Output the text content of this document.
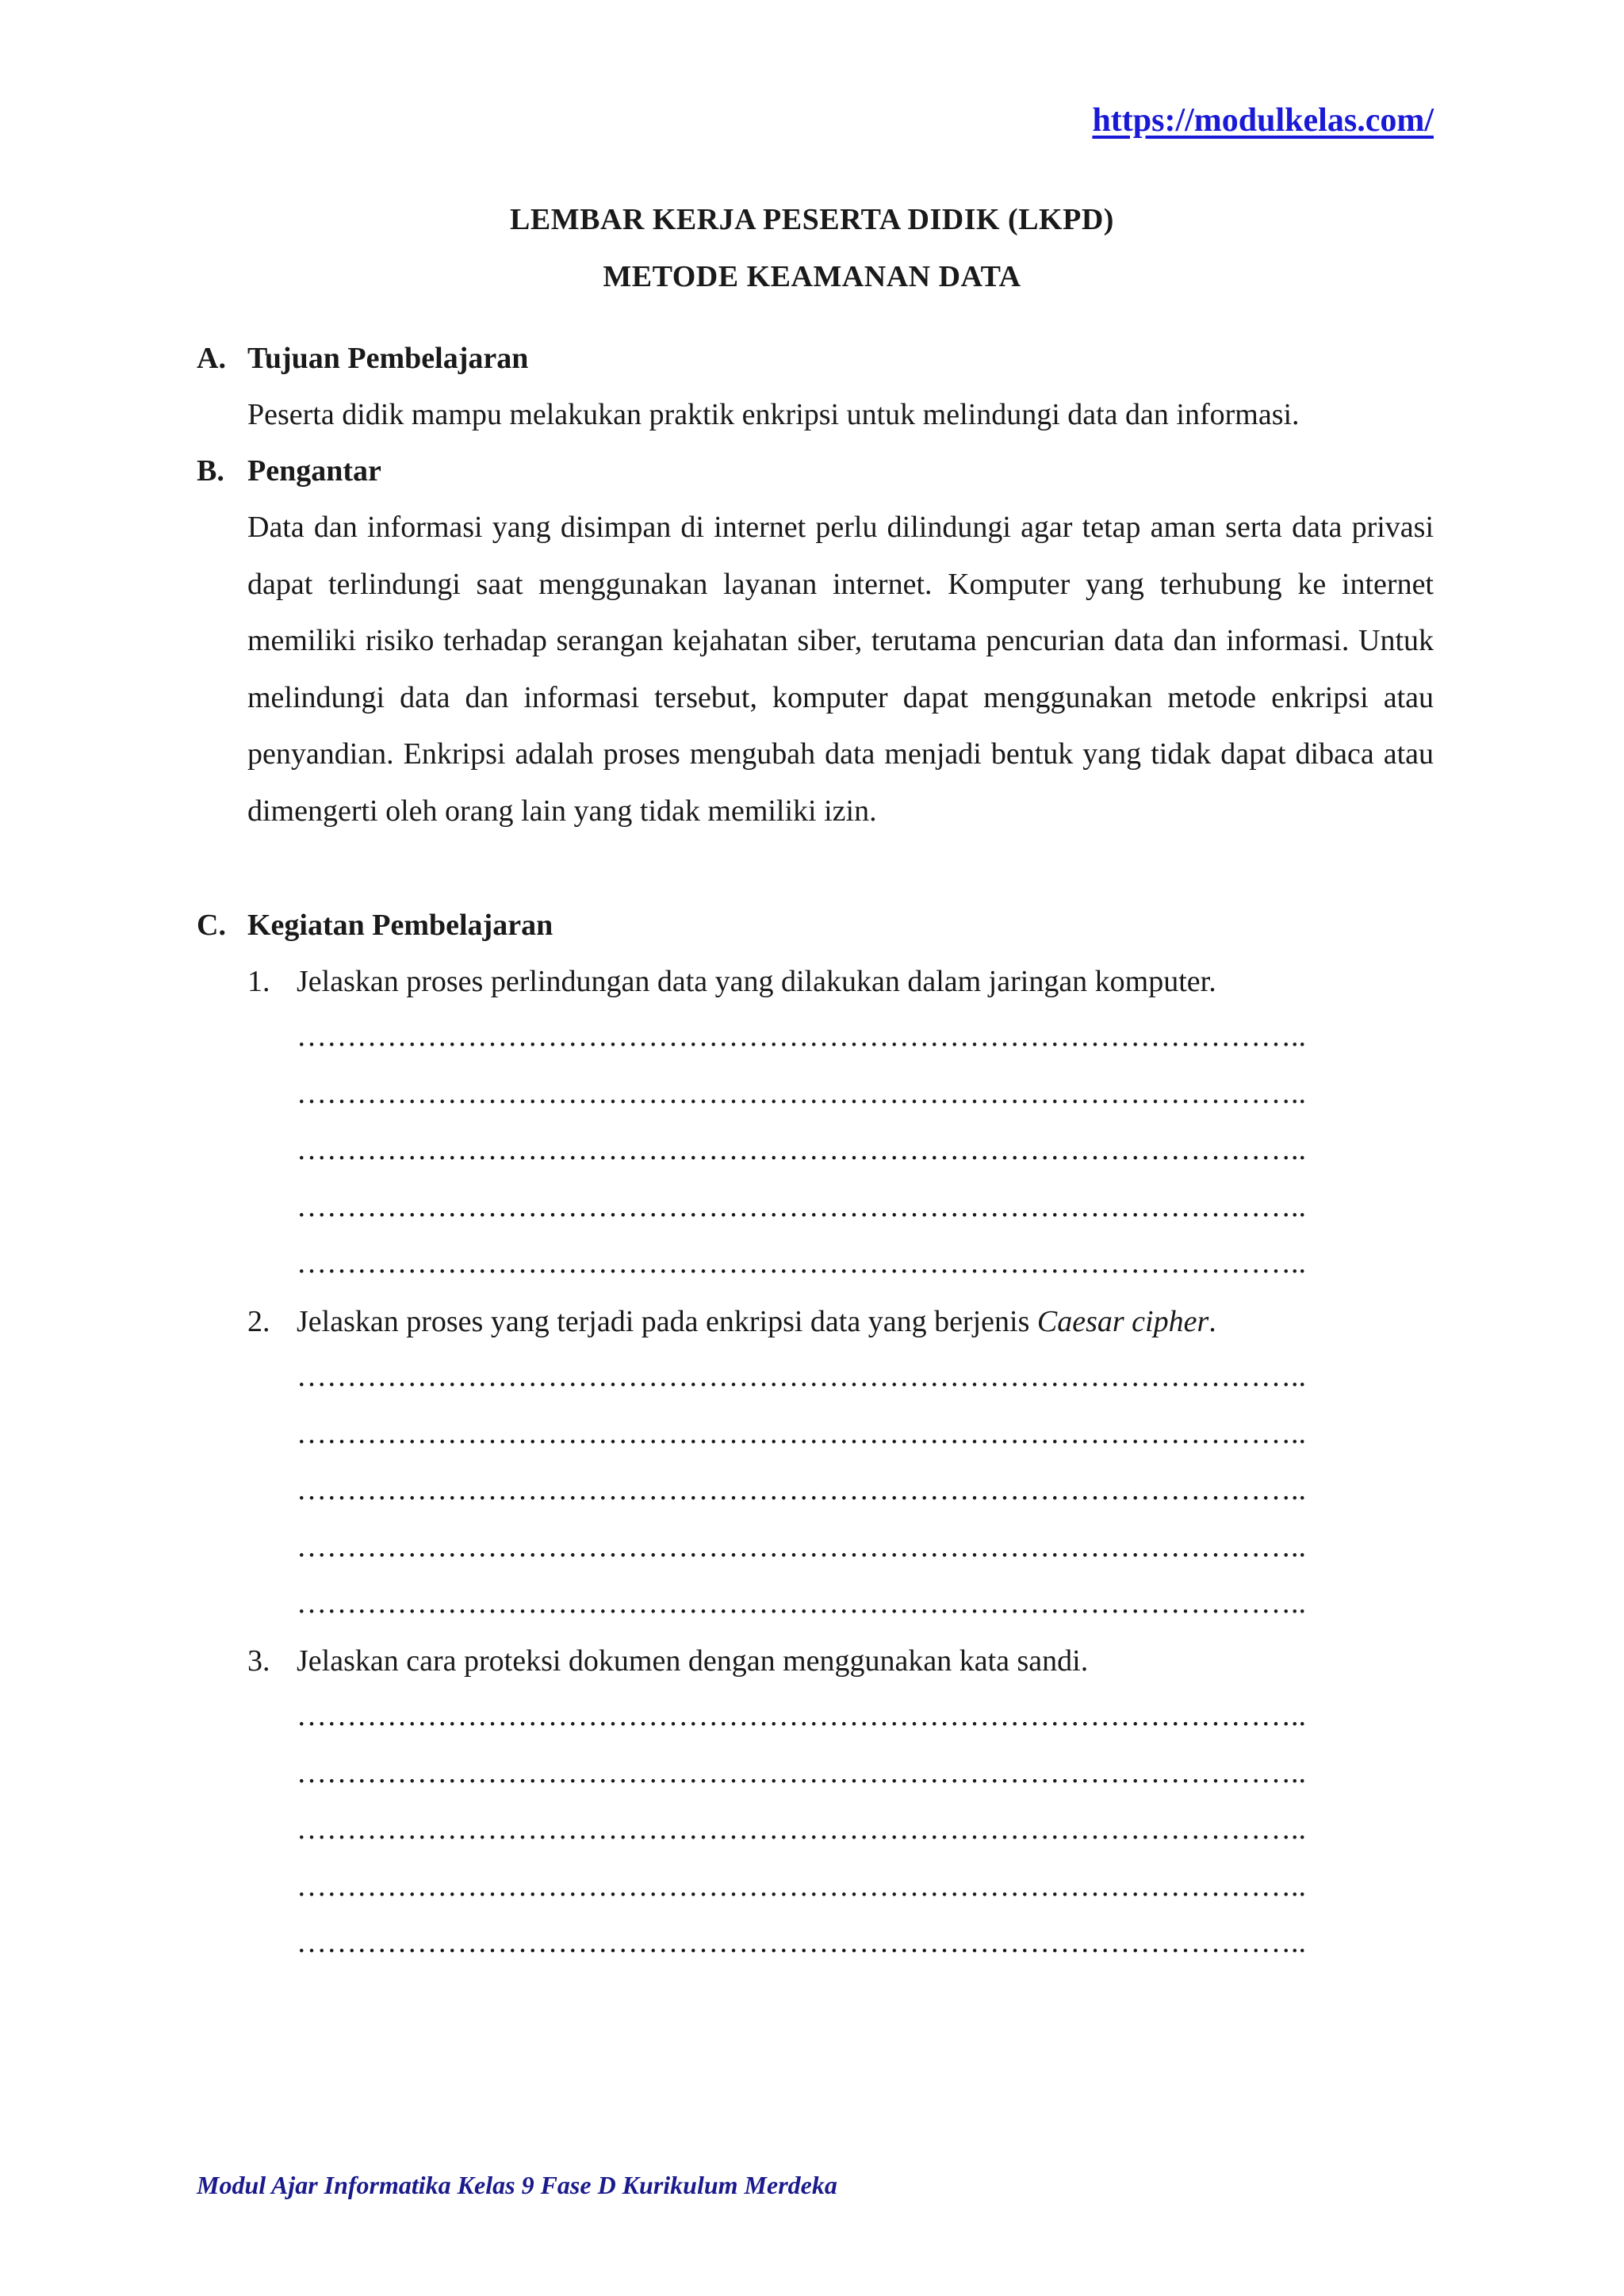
https://modulkelas.com/
LEMBAR KERJA PESERTA DIDIK (LKPD)
METODE KEAMANAN DATA
A. Tujuan Pembelajaran
Peserta didik mampu melakukan praktik enkripsi untuk melindungi data dan informasi.
B. Pengantar
Data dan informasi yang disimpan di internet perlu dilindungi agar tetap aman serta data privasi dapat terlindungi saat menggunakan layanan internet. Komputer yang terhubung ke internet memiliki risiko terhadap serangan kejahatan siber, terutama pencurian data dan informasi. Untuk melindungi data dan informasi tersebut, komputer dapat menggunakan metode enkripsi atau penyandian. Enkripsi adalah proses mengubah data menjadi bentuk yang tidak dapat dibaca atau dimengerti oleh orang lain yang tidak memiliki izin.
C. Kegiatan Pembelajaran
1. Jelaskan proses perlindungan data yang dilakukan dalam jaringan komputer.
………………………………………………………………………………………..
………………………………………………………………………………………..
………………………………………………………………………………………..
………………………………………………………………………………………..
………………………………………………………………………………………..
2. Jelaskan proses yang terjadi pada enkripsi data yang berjenis Caesar cipher.
………………………………………………………………………………………..
………………………………………………………………………………………..
………………………………………………………………………………………..
………………………………………………………………………………………..
………………………………………………………………………………………..
3. Jelaskan cara proteksi dokumen dengan menggunakan kata sandi.
………………………………………………………………………………………..
………………………………………………………………………………………..
………………………………………………………………………………………..
………………………………………………………………………………………..
………………………………………………………………………………………..
Modul Ajar Informatika Kelas 9 Fase D Kurikulum Merdeka
